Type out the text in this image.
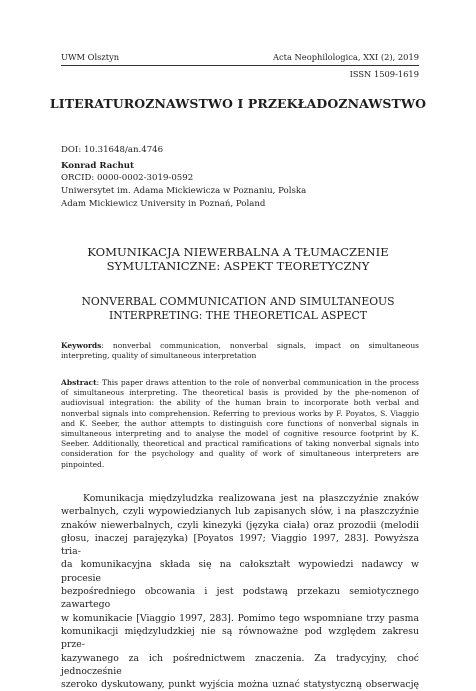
UWM Olsztyn	Acta Neophilologica, XXI (2), 2019
ISSN 1509-1619
LITERATUROZNAWSTWO I PRZEKŁADOZNAWSTWO
DOI: 10.31648/an.4746
Konrad Rachut
ORCID: 0000-0002-3019-0592
Uniwersytet im. Adama Mickiewicza w Poznaniu, Polska
Adam Mickiewicz University in Poznań, Poland
KOMUNIKACJA NIEWERBALNA A TŁUMACZENIE
SYMULTANICZNE: ASPEKT TEORETYCZNY
NONVERBAL COMMUNICATION AND SIMULTANEOUS
INTERPRETING: THE THEORETICAL ASPECT
Keywords: nonverbal communication, nonverbal signals, impact on simultaneous interpreting, quality of simultaneous interpretation
Abstract: This paper draws attention to the role of nonverbal communication in the process of simultaneous interpreting. The theoretical basis is provided by the phe-nomenon of audiovisual integration: the ability of the human brain to incorporate both verbal and nonverbal signals into comprehension. Referring to previous works by F. Poyatos, S. Viaggio and K. Seeber, the author attempts to distinguish core functions of nonverbal signals in simultaneous interpreting and to analyse the model of cognitive resource footprint by K. Seeber. Additionally, theoretical and practical ramifications of taking nonverbal signals into consideration for the psychology and quality of work of simultaneous interpreters are pinpointed.
Komunikacja międzyludzka realizowana jest na płaszczyźnie znaków
werbalnych, czyli wypowiedzianych lub zapisanych słów, i na płaszczyźnie
znaków niewerbalnych, czyli kinezyki (języka ciała) oraz prozodii (melodii
głosu, inaczej parajęzyka) [Poyatos 1997; Viaggio 1997, 283]. Powyższa tria-
da komunikacyjna składa się na całokształt wypowiedzi nadawcy w procesie
bezpośredniego obcowania i jest podstawą przekazu semiotycznego zawartego
w komunikacie [Viaggio 1997, 283]. Pomimo tego wspomniane trzy pasma
komunikacji międzyludzkiej nie są równoważne pod względem zakresu prze-
kazywanego za ich pośrednictwem znaczenia. Za tradycyjny, choć jednocześnie
szeroko dyskutowany, punkt wyjścia można uznać statystyczną obserwację
